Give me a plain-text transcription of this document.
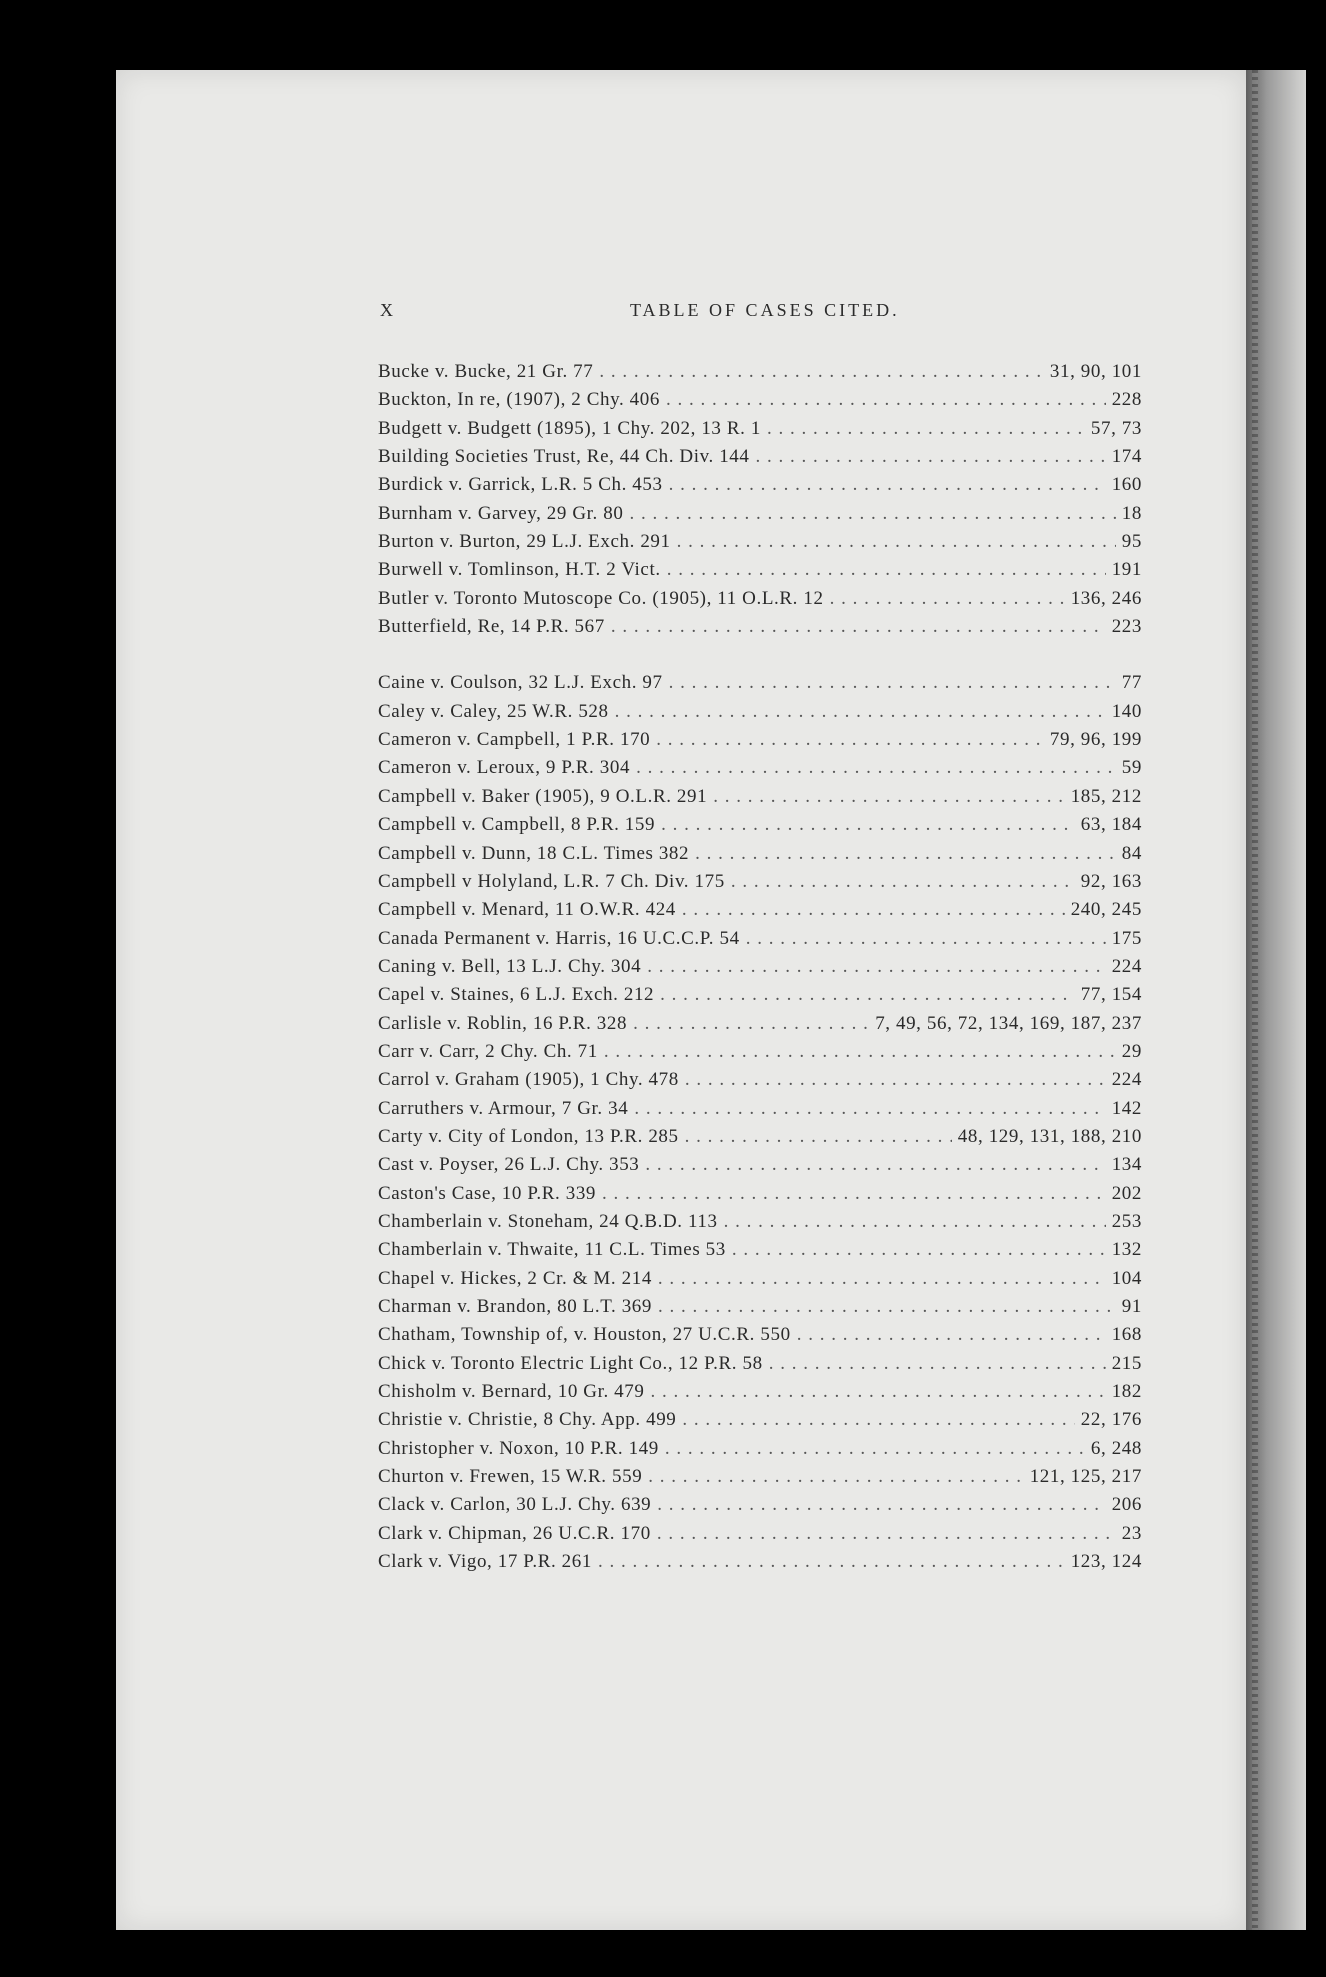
X	TABLE OF CASES CITED.
Bucke v. Bucke, 21 Gr. 77 . . .	31, 90, 101
Buckton, In re, (1907), 2 Chy. 406 . . .	228
Budgett v. Budgett (1895), 1 Chy. 202, 13 R. 1 . . .	57, 73
Building Societies Trust, Re, 44 Ch. Div. 144 . . .	174
Burdick v. Garrick, L.R. 5 Ch. 453 . . .	160
Burnham v. Garvey, 29 Gr. 80 . . .	18
Burton v. Burton, 29 L.J. Exch. 291 . . .	95
Burwell v. Tomlinson, H.T. 2 Vict. . . .	191
Butler v. Toronto Mutoscope Co. (1905), 11 O.L.R. 12 . . .	136, 246
Butterfield, Re, 14 P.R. 567 . . .	223
Caine v. Coulson, 32 L.J. Exch. 97 . . .	77
Caley v. Caley, 25 W.R. 528 . . .	140
Cameron v. Campbell, 1 P.R. 170 . . .	79, 96, 199
Cameron v. Leroux, 9 P.R. 304 . . .	59
Campbell v. Baker (1905), 9 O.L.R. 291 . . .	185, 212
Campbell v. Campbell, 8 P.R. 159 . . .	63, 184
Campbell v. Dunn, 18 C.L. Times 382 . . .	84
Campbell v Holyland, L.R. 7 Ch. Div. 175 . . .	92, 163
Campbell v. Menard, 11 O.W.R. 424 . . .	240, 245
Canada Permanent v. Harris, 16 U.C.C.P. 54 . . .	175
Caning v. Bell, 13 L.J. Chy. 304 . . .	224
Capel v. Staines, 6 L.J. Exch. 212 . . .	77, 154
Carlisle v. Roblin, 16 P.R. 328 . . .	7, 49, 56, 72, 134, 169, 187, 237
Carr v. Carr, 2 Chy. Ch. 71 . . .	29
Carrol v. Graham (1905), 1 Chy. 478 . . .	224
Carruthers v. Armour, 7 Gr. 34 . . .	142
Carty v. City of London, 13 P.R. 285 . . .	48, 129, 131, 188, 210
Cast v. Poyser, 26 L.J. Chy. 353 . . .	134
Caston's Case, 10 P.R. 339 . . .	202
Chamberlain v. Stoneham, 24 Q.B.D. 113 . . .	253
Chamberlain v. Thwaite, 11 C.L. Times 53 . . .	132
Chapel v. Hickes, 2 Cr. & M. 214 . . .	104
Charman v. Brandon, 80 L.T. 369 . . .	91
Chatham, Township of, v. Houston, 27 U.C.R. 550 . . .	168
Chick v. Toronto Electric Light Co., 12 P.R. 58 . . .	215
Chisholm v. Bernard, 10 Gr. 479 . . .	182
Christie v. Christie, 8 Chy. App. 499 . . .	22, 176
Christopher v. Noxon, 10 P.R. 149 . . .	6, 248
Churton v. Frewen, 15 W.R. 559 . . .	121, 125, 217
Clack v. Carlon, 30 L.J. Chy. 639 . . .	206
Clark v. Chipman, 26 U.C.R. 170 . . .	23
Clark v. Vigo, 17 P.R. 261 . . .	123, 124
